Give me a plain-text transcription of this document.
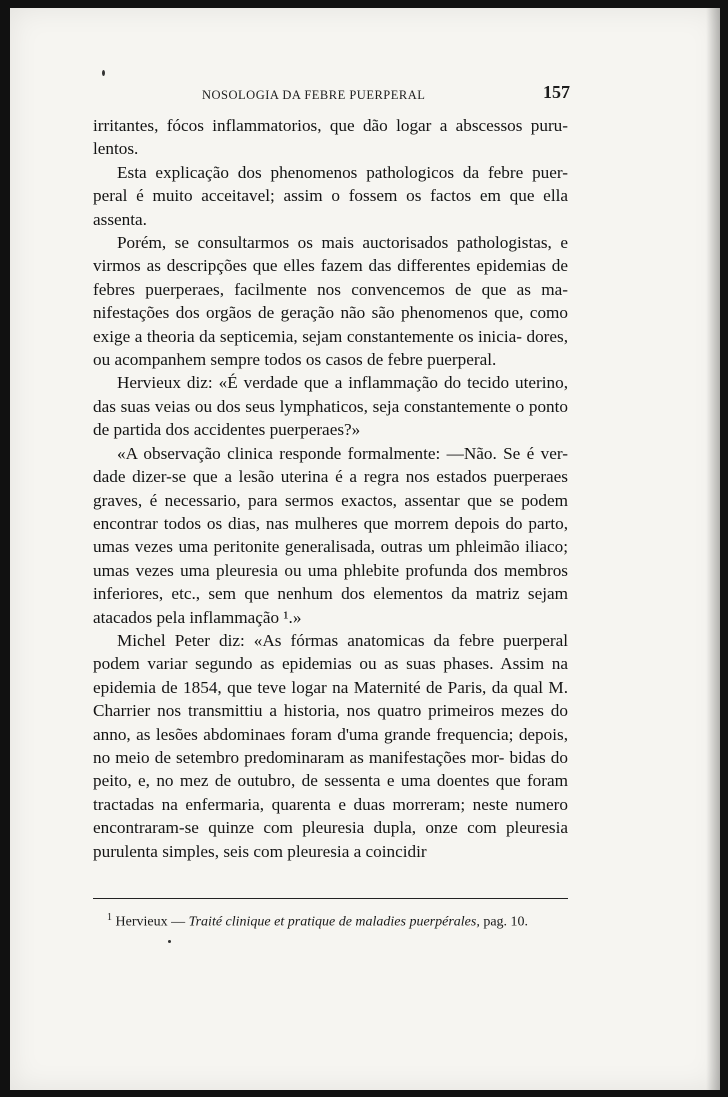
NOSOLOGIA DA FEBRE PUERPERAL	157

irritantes, fócos inflammatorios, que dão logar a abscessos puru- lentos.

Esta explicação dos phenomenos pathologicos da febre puer- peral é muito acceitavel; assim o fossem os factos em que ella assenta.

Porém, se consultarmos os mais auctorisados pathologistas, e virmos as descripções que elles fazem das differentes epidemias de febres puerperaes, facilmente nos convencemos de que as ma- nifestações dos orgãos de geração não são phenomenos que, como exige a theoria da septicemia, sejam constantemente os inicia- dores, ou acompanhem sempre todos os casos de febre puerperal.

Hervieux diz: «É verdade que a inflammação do tecido uterino, das suas veias ou dos seus lymphaticos, seja constantemente o ponto de partida dos accidentes puerperaes?»

«A observação clinica responde formalmente: —Não. Se é ver- dade dizer-se que a lesão uterina é a regra nos estados puerperaes graves, é necessario, para sermos exactos, assentar que se podem encontrar todos os dias, nas mulheres que morrem depois do parto, umas vezes uma peritonite generalisada, outras um phleimão iliaco; umas vezes uma pleuresia ou uma phlebite profunda dos membros inferiores, etc., sem que nenhum dos elementos da matriz sejam atacados pela inflammação ¹.»

Michel Peter diz: «As fórmas anatomicas da febre puerperal podem variar segundo as epidemias ou as suas phases. Assim na epidemia de 1854, que teve logar na Maternité de Paris, da qual M. Charrier nos transmittiu a historia, nos quatro primeiros mezes do anno, as lesões abdominaes foram d'uma grande frequencia; depois, no meio de setembro predominaram as manifestações mor- bidas do peito, e, no mez de outubro, de sessenta e uma doentes que foram tractadas na enfermaria, quarenta e duas morreram; neste numero encontraram-se quinze com pleuresia dupla, onze com pleuresia purulenta simples, seis com pleuresia a coincidir

$^1$ Hervieux — Traité clinique et pratique de maladies puerpérales, pag. 10.
